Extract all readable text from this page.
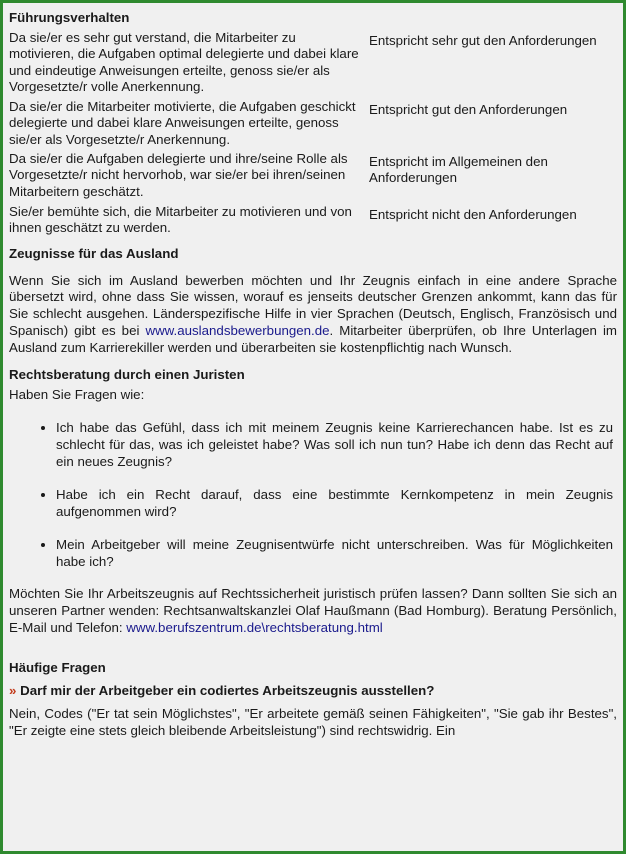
Führungsverhalten
Da sie/er es sehr gut verstand, die Mitarbeiter zu motivieren, die Aufgaben optimal delegierte und dabei klare und eindeutige Anweisungen erteilte, genoss sie/er als Vorgesetzte/r volle Anerkennung.	Entspricht sehr gut den Anforderungen
Da sie/er die Mitarbeiter motivierte, die Aufgaben geschickt delegierte und dabei klare Anweisungen erteilte, genoss sie/er als Vorgesetzte/r Anerkennung.	Entspricht gut den Anforderungen
Da sie/er die Aufgaben delegierte und ihre/seine Rolle als Vorgesetzte/r nicht hervorhob, war sie/er bei ihren/seinen Mitarbeitern geschätzt.	Entspricht im Allgemeinen den Anforderungen
Sie/er bemühte sich, die Mitarbeiter zu motivieren und von ihnen geschätzt zu werden.	Entspricht nicht den Anforderungen
Zeugnisse für das Ausland

Wenn Sie sich im Ausland bewerben möchten und Ihr Zeugnis einfach in eine andere Sprache übersetzt wird, ohne dass Sie wissen, worauf es jenseits deutscher Grenzen ankommt, kann das für Sie schlecht ausgehen. Länderspezifische Hilfe in vier Sprachen (Deutsch, Englisch, Französisch und Spanisch) gibt es bei www.auslandsbewerbungen.de. Mitarbeiter überprüfen, ob Ihre Unterlagen im Ausland zum Karrierekiller werden und überarbeiten sie kostenpflichtig nach Wunsch.

Rechtsberatung durch einen Juristen

Haben Sie Fragen wie:

• Ich habe das Gefühl, dass ich mit meinem Zeugnis keine Karrierechancen habe. Ist es zu schlecht für das, was ich geleistet habe? Was soll ich nun tun? Habe ich denn das Recht auf ein neues Zeugnis?
• Habe ich ein Recht darauf, dass eine bestimmte Kernkompetenz in mein Zeugnis aufgenommen wird?
• Mein Arbeitgeber will meine Zeugnisentwürfe nicht unterschreiben. Was für Möglichkeiten habe ich?

Möchten Sie Ihr Arbeitszeugnis auf Rechtssicherheit juristisch prüfen lassen? Dann sollten Sie sich an unseren Partner wenden: Rechtsanwaltskanzlei Olaf Haußmann (Bad Homburg). Beratung Persönlich, E-Mail und Telefon: www.berufszentrum.de\rechtsberatung.html

Häufige Fragen
» Darf mir der Arbeitgeber ein codiertes Arbeitszeugnis ausstellen?

Nein, Codes ("Er tat sein Möglichstes", "Er arbeitete gemäß seinen Fähigkeiten", "Sie gab ihr Bestes", "Er zeigte eine stets gleich bleibende Arbeitsleistung") sind rechtswidrig. Ein
